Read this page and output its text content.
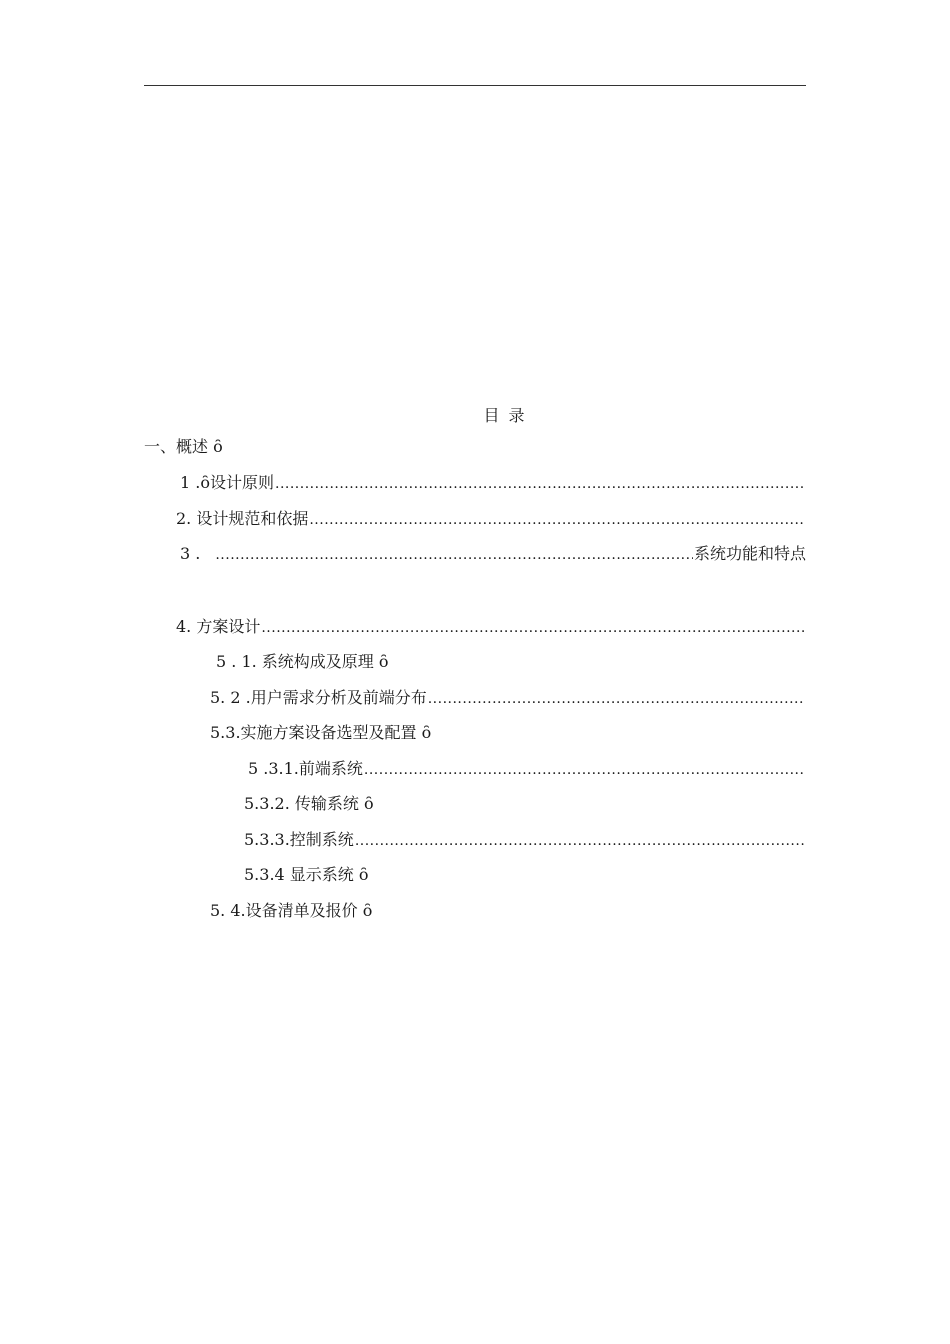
目 录
一、概述 ȏ
1 .ȏ设计原则
.....
2. 设计规范和依据
.....
3 .
.....	系统功能和特点
4. 方案设计
.....
5 . 1. 系统构成及原理 ȏ
5. 2 .用户需求分析及前端分布
.....
5.3.实施方案设备选型及配置 ȏ
5 .3.1.前端系统
.....
5.3.2. 传输系统 ȏ
5.3.3.控制系统
.....
5.3.4 显示系统 ȏ
5. 4.设备清单及报价 ȏ
